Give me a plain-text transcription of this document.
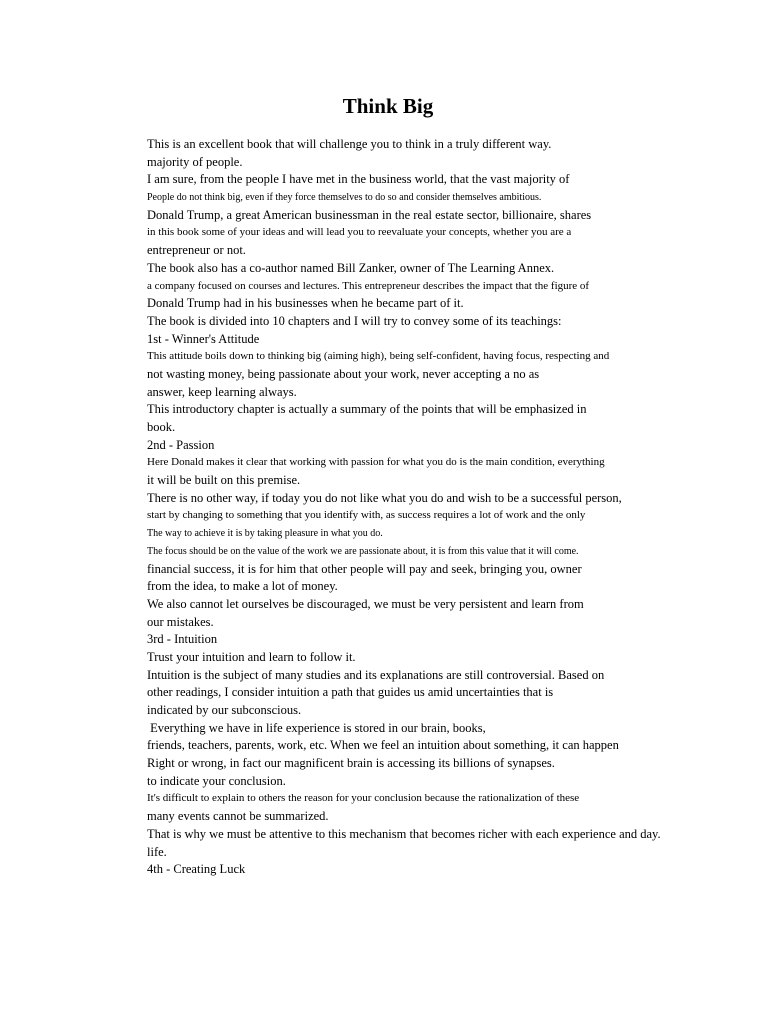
Think Big
This is an excellent book that will challenge you to think in a truly different way.
majority of people.
I am sure, from the people I have met in the business world, that the vast majority of
People do not think big, even if they force themselves to do so and consider themselves ambitious.
Donald Trump, a great American businessman in the real estate sector, billionaire, shares
in this book some of your ideas and will lead you to reevaluate your concepts, whether you are a
entrepreneur or not.
The book also has a co-author named Bill Zanker, owner of The Learning Annex.
a company focused on courses and lectures. This entrepreneur describes the impact that the figure of
Donald Trump had in his businesses when he became part of it.
The book is divided into 10 chapters and I will try to convey some of its teachings:
1st - Winner's Attitude
This attitude boils down to thinking big (aiming high), being self-confident, having focus, respecting and
not wasting money, being passionate about your work, never accepting a no as
answer, keep learning always.
This introductory chapter is actually a summary of the points that will be emphasized in
book.
2nd - Passion
Here Donald makes it clear that working with passion for what you do is the main condition, everything
it will be built on this premise.
There is no other way, if today you do not like what you do and wish to be a successful person,
start by changing to something that you identify with, as success requires a lot of work and the only
The way to achieve it is by taking pleasure in what you do.
The focus should be on the value of the work we are passionate about, it is from this value that it will come.
financial success, it is for him that other people will pay and seek, bringing you, owner
from the idea, to make a lot of money.
We also cannot let ourselves be discouraged, we must be very persistent and learn from
our mistakes.
3rd - Intuition
Trust your intuition and learn to follow it.
Intuition is the subject of many studies and its explanations are still controversial. Based on
other readings, I consider intuition a path that guides us amid uncertainties that is
indicated by our subconscious.
Everything we have in life experience is stored in our brain, books,
friends, teachers, parents, work, etc. When we feel an intuition about something, it can happen
Right or wrong, in fact our magnificent brain is accessing its billions of synapses.
to indicate your conclusion.
It's difficult to explain to others the reason for your conclusion because the rationalization of these
many events cannot be summarized.
That is why we must be attentive to this mechanism that becomes richer with each experience and day.
life.
4th - Creating Luck
